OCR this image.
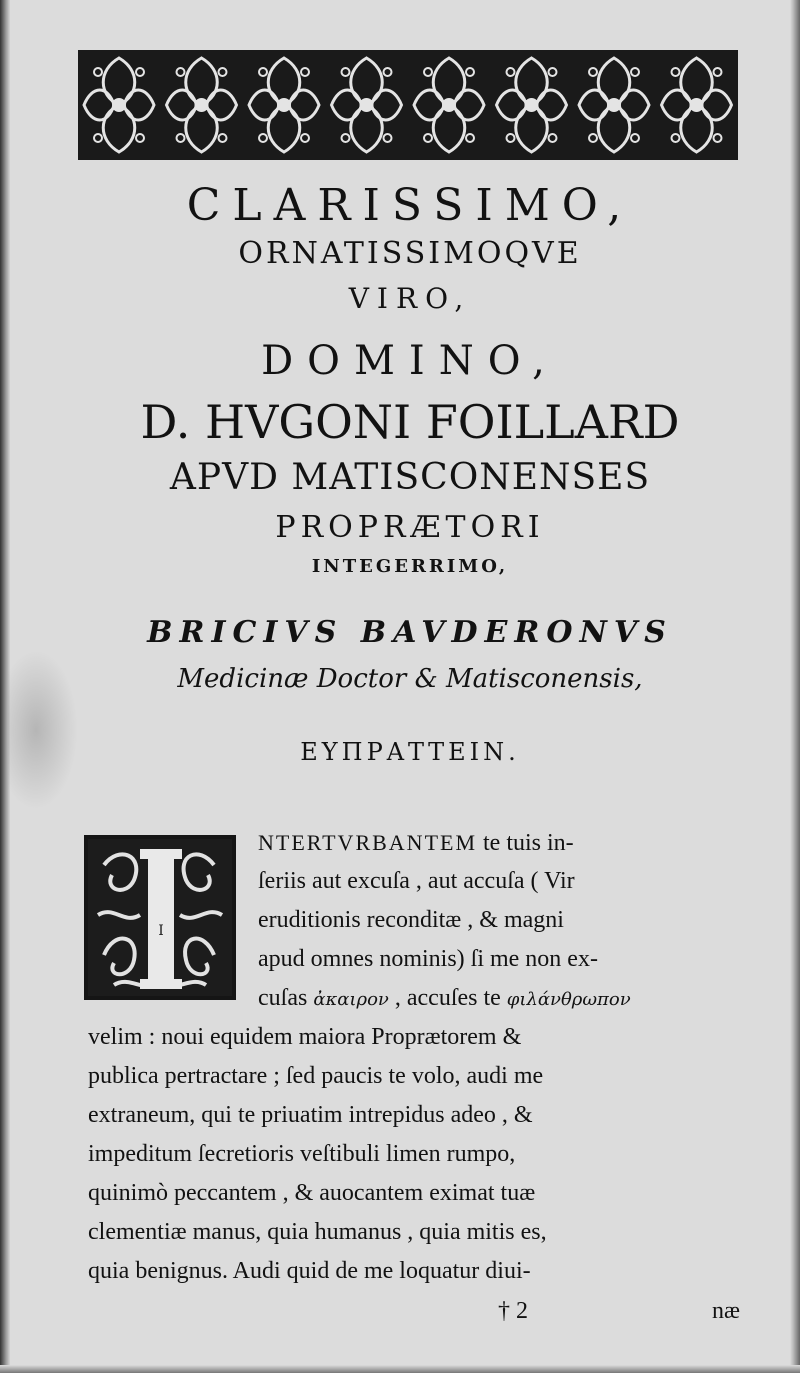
CLARISSIMO,
ORNATISSIMOQVE
VIRO,
DOMINO,
D. HVGONI FOILLARD
APVD MATISCONENSES
PROPRÆTORI
INTEGERRIMO,
BRICIVS BAVDERONVS
Medicinæ Doctor & Matisconensis,
ΕΥΠΡΑΤΤΕΙΝ.
I
NTERTVRBANTEM te tuis in-
ſeriis aut excuſa , aut accuſa ( Vir
eruditionis reconditæ , & magni
apud omnes nominis) ſi me non ex-
cuſas ἀκαιρον , accuſes te φιλάνθρωπον
velim : noui equidem maiora Proprætorem &
publica pertractare ; ſed paucis te volo, audi me
extraneum, qui te priuatim intrepidus adeo , &
impeditum ſecretioris veſtibuli limen rumpo,
quinimò peccantem , & auocantem eximat tuæ
clementiæ manus, quia humanus , quia mitis es,
quia benignus. Audi quid de me loquatur diui-
† 2	næ
